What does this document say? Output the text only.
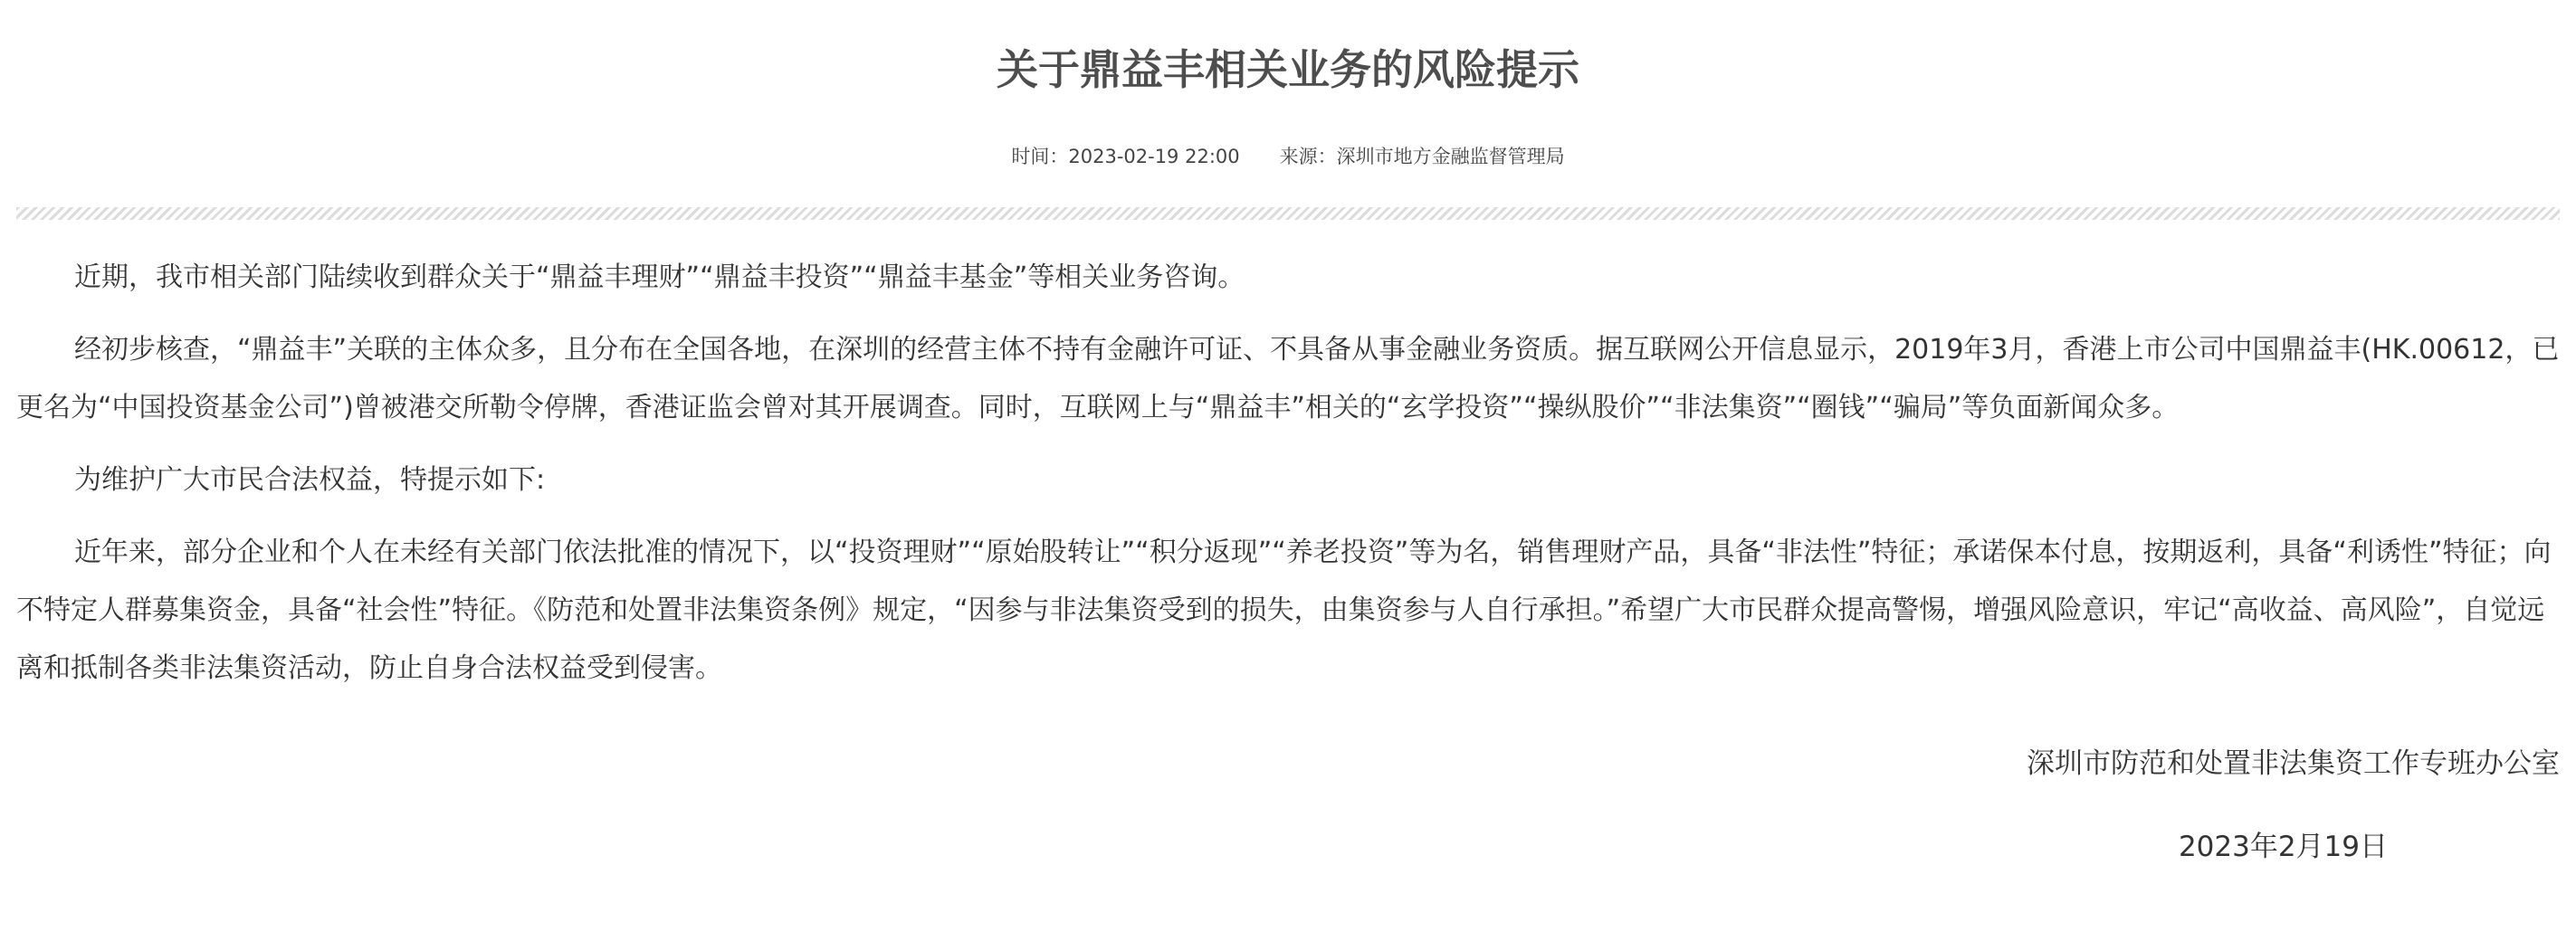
关于鼎益丰相关业务的风险提示
时间：2023-02-19 22:00 来源：深圳市地方金融监督管理局

近期，我市相关部门陆续收到群众关于“鼎益丰理财”“鼎益丰投资”“鼎益丰基金”等相关业务咨询。

经初步核查，“鼎益丰”关联的主体众多，且分布在全国各地，在深圳的经营主体不持有金融许可证、不具备从事金融业务资质。据互联网公开信息显示，2019年3月，香港上市公司中国鼎益丰(HK.00612，已更名为“中国投资基金公司”)曾被港交所勒令停牌，香港证监会曾对其开展调查。同时，互联网上与“鼎益丰”相关的“玄学投资”“操纵股价”“非法集资”“圈钱”“骗局”等负面新闻众多。

为维护广大市民合法权益，特提示如下:

近年来，部分企业和个人在未经有关部门依法批准的情况下，以“投资理财”“原始股转让”“积分返现”“养老投资”等为名，销售理财产品，具备“非法性”特征；承诺保本付息，按期返利，具备“利诱性”特征；向不特定人群募集资金，具备“社会性”特征。《防范和处置非法集资条例》规定，“因参与非法集资受到的损失，由集资参与人自行承担。”希望广大市民群众提高警惕，增强风险意识，牢记“高收益、高风险”，自觉远离和抵制各类非法集资活动，防止自身合法权益受到侵害。

深圳市防范和处置非法集资工作专班办公室
2023年2月19日
